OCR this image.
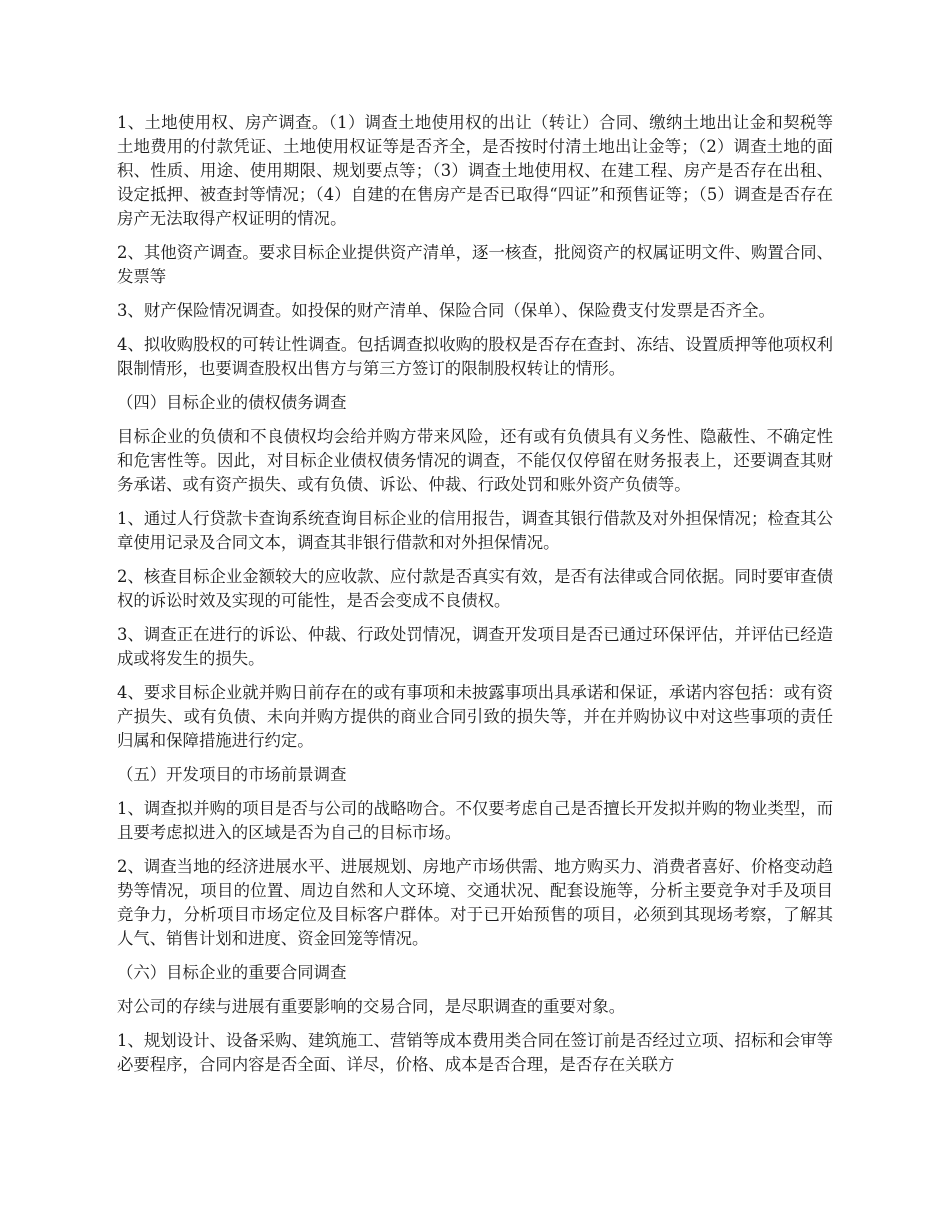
1、土地使用权、房产调查。（1）调查土地使用权的出让（转让）合同、缴纳土地出让金和契税等土地费用的付款凭证、土地使用权证等是否齐全，是否按时付清土地出让金等；（2）调查土地的面积、性质、用途、使用期限、规划要点等；（3）调查土地使用权、在建工程、房产是否存在出租、设定抵押、被查封等情况；（4）自建的在售房产是否已取得“四证”和预售证等；（5）调查是否存在房产无法取得产权证明的情况。

2、其他资产调查。要求目标企业提供资产清单，逐一核查，批阅资产的权属证明文件、购置合同、发票等

3、财产保险情况调查。如投保的财产清单、保险合同（保单）、保险费支付发票是否齐全。

4、拟收购股权的可转让性调查。包括调查拟收购的股权是否存在查封、冻结、设置质押等他项权利限制情形，也要调查股权出售方与第三方签订的限制股权转让的情形。

（四）目标企业的债权债务调查

目标企业的负债和不良债权均会给并购方带来风险，还有或有负债具有义务性、隐蔽性、不确定性和危害性等。因此，对目标企业债权债务情况的调查，不能仅仅停留在财务报表上，还要调查其财务承诺、或有资产损失、或有负债、诉讼、仲裁、行政处罚和账外资产负债等。

1、通过人行贷款卡查询系统查询目标企业的信用报告，调查其银行借款及对外担保情况；检查其公章使用记录及合同文本，调查其非银行借款和对外担保情况。

2、核查目标企业金额较大的应收款、应付款是否真实有效，是否有法律或合同依据。同时要审查债权的诉讼时效及实现的可能性，是否会变成不良债权。

3、调查正在进行的诉讼、仲裁、行政处罚情况，调查开发项目是否已通过环保评估，并评估已经造成或将发生的损失。

4、要求目标企业就并购日前存在的或有事项和未披露事项出具承诺和保证，承诺内容包括：或有资产损失、或有负债、未向并购方提供的商业合同引致的损失等，并在并购协议中对这些事项的责任归属和保障措施进行约定。

（五）开发项目的市场前景调查

1、调查拟并购的项目是否与公司的战略吻合。不仅要考虑自己是否擅长开发拟并购的物业类型，而且要考虑拟进入的区域是否为自己的目标市场。

2、调查当地的经济进展水平、进展规划、房地产市场供需、地方购买力、消费者喜好、价格变动趋势等情况，项目的位置、周边自然和人文环境、交通状况、配套设施等，分析主要竞争对手及项目竞争力，分析项目市场定位及目标客户群体。对于已开始预售的项目，必须到其现场考察，了解其人气、销售计划和进度、资金回笼等情况。

（六）目标企业的重要合同调查

对公司的存续与进展有重要影响的交易合同，是尽职调查的重要对象。

1、规划设计、设备采购、建筑施工、营销等成本费用类合同在签订前是否经过立项、招标和会审等必要程序，合同内容是否全面、详尽，价格、成本是否合理，是否存在关联方
